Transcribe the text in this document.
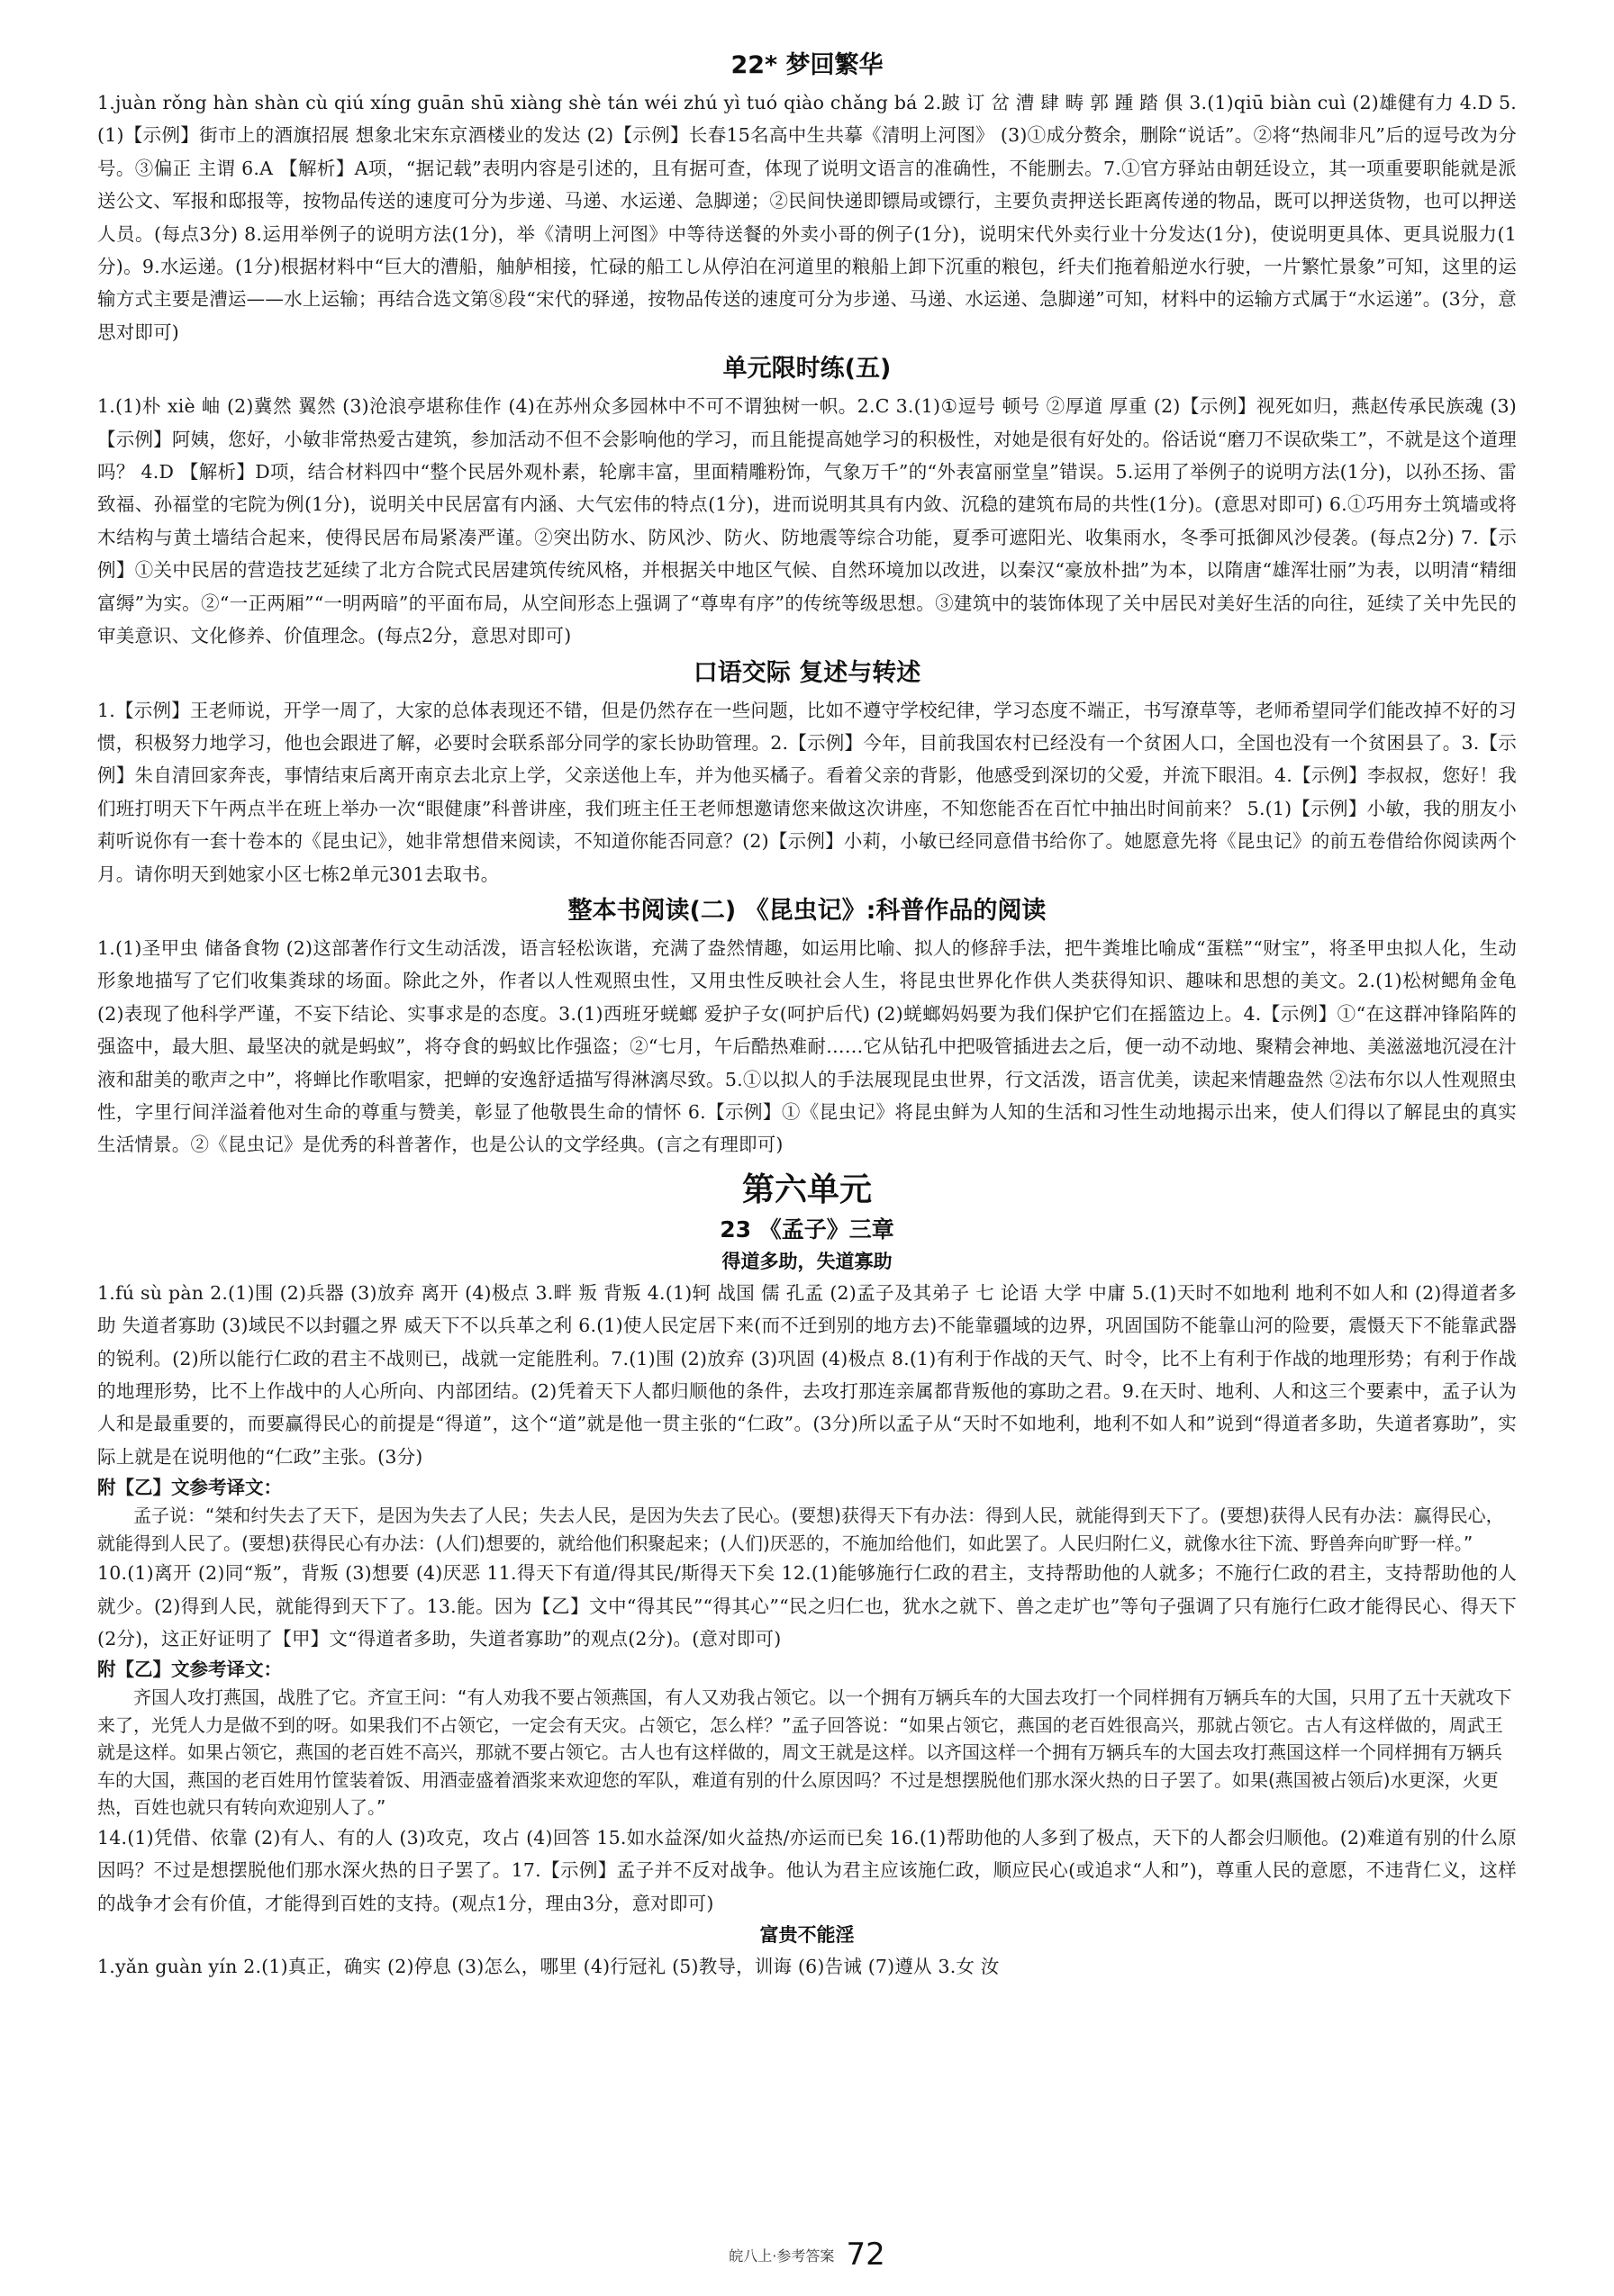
22* 梦回繁华

1.juàn rǒng hàn shàn cù qiú xíng guān shū xiàng shè tán wéi zhú yì tuó qiào chǎng bá 2.跛 订 岔 漕 肆 畴 郭 踵 踏 俱 3.(1)qiū biàn cuì (2)雄健有力 4.D 5.(1)【示例】街市上的酒旗招展 想象北宋东京酒楼业的发达 (2)【示例】长春15名高中生共摹《清明上河图》 (3)①成分赘余，删除“说话”。②将“热闹非凡”后的逗号改为分号。③偏正 主谓 6.A 【解析】A项，“据记载”表明内容是引述的，且有据可查，体现了说明文语言的准确性，不能删去。7.①官方驿站由朝廷设立，其一项重要职能就是派送公文、军报和邸报等，按物品传送的速度可分为步递、马递、水运递、急脚递；②民间快递即镖局或镖行，主要负责押送长距离传递的物品，既可以押送货物，也可以押送人员。(每点3分) 8.运用举例子的说明方法(1分)，举《清明上河图》中等待送餐的外卖小哥的例子(1分)，说明宋代外卖行业十分发达(1分)，使说明更具体、更具说服力(1分)。9.水运递。(1分)根据材料中“巨大的漕船，舳舻相接，忙碌的船工し从停泊在河道里的粮船上卸下沉重的粮包，纤夫们拖着船逆水行驶，一片繁忙景象”可知，这里的运输方式主要是漕运——水上运输；再结合选文第⑧段“宋代的驿递，按物品传送的速度可分为步递、马递、水运递、急脚递”可知，材料中的运输方式属于“水运递”。(3分，意思对即可)

单元限时练(五)

1.(1)朴 xiè 岫 (2)冀然 翼然 (3)沧浪亭堪称佳作 (4)在苏州众多园林中不可不谓独树一帜。2.C 3.(1)①逗号 顿号 ②厚道 厚重 (2)【示例】视死如归，燕赵传承民族魂 (3)【示例】阿姨，您好，小敏非常热爱古建筑，参加活动不但不会影响他的学习，而且能提高她学习的积极性，对她是很有好处的。俗话说“磨刀不误砍柴工”，不就是这个道理吗？ 4.D 【解析】D项，结合材料四中“整个民居外观朴素，轮廓丰富，里面精雕粉饰，气象万千”的“外表富丽堂皇”错误。5.运用了举例子的说明方法(1分)，以孙丕扬、雷致福、孙福堂的宅院为例(1分)，说明关中民居富有内涵、大气宏伟的特点(1分)，进而说明其具有内敛、沉稳的建筑布局的共性(1分)。(意思对即可) 6.①巧用夯土筑墙或将木结构与黄土墙结合起来，使得民居布局紧凑严谨。②突出防水、防风沙、防火、防地震等综合功能，夏季可遮阳光、收集雨水，冬季可抵御风沙侵袭。(每点2分) 7.【示例】①关中民居的营造技艺延续了北方合院式民居建筑传统风格，并根据关中地区气候、自然环境加以改进，以秦汉“豪放朴拙”为本，以隋唐“雄浑壮丽”为表，以明清“精细富缛”为实。②“一正两厢”“一明两暗”的平面布局，从空间形态上强调了“尊卑有序”的传统等级思想。③建筑中的装饰体现了关中居民对美好生活的向往，延续了关中先民的审美意识、文化修养、价值理念。(每点2分，意思对即可)

口语交际 复述与转述

1.【示例】王老师说，开学一周了，大家的总体表现还不错，但是仍然存在一些问题，比如不遵守学校纪律，学习态度不端正，书写潦草等，老师希望同学们能改掉不好的习惯，积极努力地学习，他也会跟进了解，必要时会联系部分同学的家长协助管理。2.【示例】今年，目前我国农村已经没有一个贫困人口，全国也没有一个贫困县了。3.【示例】朱自清回家奔丧，事情结束后离开南京去北京上学，父亲送他上车，并为他买橘子。看着父亲的背影，他感受到深切的父爱，并流下眼泪。4.【示例】李叔叔，您好！我们班打明天下午两点半在班上举办一次“眼健康”科普讲座，我们班主任王老师想邀请您来做这次讲座，不知您能否在百忙中抽出时间前来？ 5.(1)【示例】小敏，我的朋友小莉听说你有一套十卷本的《昆虫记》，她非常想借来阅读，不知道你能否同意？(2)【示例】小莉，小敏已经同意借书给你了。她愿意先将《昆虫记》的前五卷借给你阅读两个月。请你明天到她家小区七栋2单元301去取书。

整本书阅读(二) 《昆虫记》:科普作品的阅读

1.(1)圣甲虫 储备食物 (2)这部著作行文生动活泼，语言轻松诙谐，充满了盎然情趣，如运用比喻、拟人的修辞手法，把牛粪堆比喻成“蛋糕”“财宝”，将圣甲虫拟人化，生动形象地描写了它们收集粪球的场面。除此之外，作者以人性观照虫性，又用虫性反映社会人生，将昆虫世界化作供人类获得知识、趣味和思想的美文。2.(1)松树鳃角金龟 (2)表现了他科学严谨，不妄下结论、实事求是的态度。3.(1)西班牙蜣螂 爱护子女(呵护后代) (2)蜣螂妈妈要为我们保护它们在摇篮边上。4.【示例】①“在这群冲锋陷阵的强盗中，最大胆、最坚决的就是蚂蚁”，将夺食的蚂蚁比作强盗；②“七月，午后酷热难耐……它从钻孔中把吸管插进去之后，便一动不动地、聚精会神地、美滋滋地沉浸在汁液和甜美的歌声之中”，将蝉比作歌唱家，把蝉的安逸舒适描写得淋漓尽致。5.①以拟人的手法展现昆虫世界，行文活泼，语言优美，读起来情趣盎然 ②法布尔以人性观照虫性，字里行间洋溢着他对生命的尊重与赞美，彰显了他敬畏生命的情怀 6.【示例】①《昆虫记》将昆虫鲜为人知的生活和习性生动地揭示出来，使人们得以了解昆虫的真实生活情景。②《昆虫记》是优秀的科普著作，也是公认的文学经典。(言之有理即可)

第六单元
23 《孟子》三章
得道多助，失道寡助

1.fú sù pàn 2.(1)围 (2)兵器 (3)放弃 离开 (4)极点 3.畔 叛 背叛 4.(1)轲 战国 儒 孔孟 (2)孟子及其弟子 七 论语 大学 中庸 5.(1)天时不如地利 地利不如人和 (2)得道者多助 失道者寡助 (3)域民不以封疆之界 威天下不以兵革之利 6.(1)使人民定居下来(而不迁到别的地方去)不能靠疆域的边界，巩固国防不能靠山河的险要，震慑天下不能靠武器的锐利。(2)所以能行仁政的君主不战则已，战就一定能胜利。7.(1)围 (2)放弃 (3)巩固 (4)极点 8.(1)有利于作战的天气、时令，比不上有利于作战的地理形势；有利于作战的地理形势，比不上作战中的人心所向、内部团结。(2)凭着天下人都归顺他的条件，去攻打那连亲属都背叛他的寡助之君。9.在天时、地利、人和这三个要素中，孟子认为人和是最重要的，而要赢得民心的前提是“得道”，这个“道”就是他一贯主张的“仁政”。(3分)所以孟子从“天时不如地利，地利不如人和”说到“得道者多助，失道者寡助”，实际上就是在说明他的“仁政”主张。(3分)

附【乙】文参考译文：

孟子说：“桀和纣失去了天下，是因为失去了人民；失去人民，是因为失去了民心。(要想)获得天下有办法：得到人民，就能得到天下了。(要想)获得人民有办法：赢得民心，就能得到人民了。(要想)获得民心有办法：(人们)想要的，就给他们积聚起来；(人们)厌恶的，不施加给他们，如此罢了。人民归附仁义，就像水往下流、野兽奔向旷野一样。”

10.(1)离开 (2)同“叛”，背叛 (3)想要 (4)厌恶 11.得天下有道/得其民/斯得天下矣 12.(1)能够施行仁政的君主，支持帮助他的人就多；不施行仁政的君主，支持帮助他的人就少。(2)得到人民，就能得到天下了。13.能。因为【乙】文中“得其民”“得其心”“民之归仁也，犹水之就下、兽之走圹也”等句子强调了只有施行仁政才能得民心、得天下(2分)，这正好证明了【甲】文“得道者多助，失道者寡助”的观点(2分)。(意对即可)

附【乙】文参考译文：

齐国人攻打燕国，战胜了它。齐宣王问：“有人劝我不要占领燕国，有人又劝我占领它。以一个拥有万辆兵车的大国去攻打一个同样拥有万辆兵车的大国，只用了五十天就攻下来了，光凭人力是做不到的呀。如果我们不占领它，一定会有天灾。占领它，怎么样？”孟子回答说：“如果占领它，燕国的老百姓很高兴，那就占领它。古人有这样做的，周武王就是这样。如果占领它，燕国的老百姓不高兴，那就不要占领它。古人也有这样做的，周文王就是这样。以齐国这样一个拥有万辆兵车的大国去攻打燕国这样一个同样拥有万辆兵车的大国，燕国的老百姓用竹筐装着饭、用酒壶盛着酒浆来欢迎您的军队，难道有别的什么原因吗？不过是想摆脱他们那水深火热的日子罢了。如果(燕国被占领后)水更深，火更热，百姓也就只有转向欢迎别人了。”

14.(1)凭借、依靠 (2)有人、有的人 (3)攻克，攻占 (4)回答 15.如水益深/如火益热/亦运而已矣 16.(1)帮助他的人多到了极点，天下的人都会归顺他。(2)难道有别的什么原因吗？不过是想摆脱他们那水深火热的日子罢了。17.【示例】孟子并不反对战争。他认为君主应该施仁政，顺应民心(或追求“人和”)，尊重人民的意愿，不违背仁义，这样的战争才会有价值，才能得到百姓的支持。(观点1分，理由3分，意对即可)

富贵不能淫

1.yǎn guàn yín 2.(1)真正，确实 (2)停息 (3)怎么，哪里 (4)行冠礼 (5)教导，训诲 (6)告诫 (7)遵从 3.女 汝

皖八上·参考答案 72
